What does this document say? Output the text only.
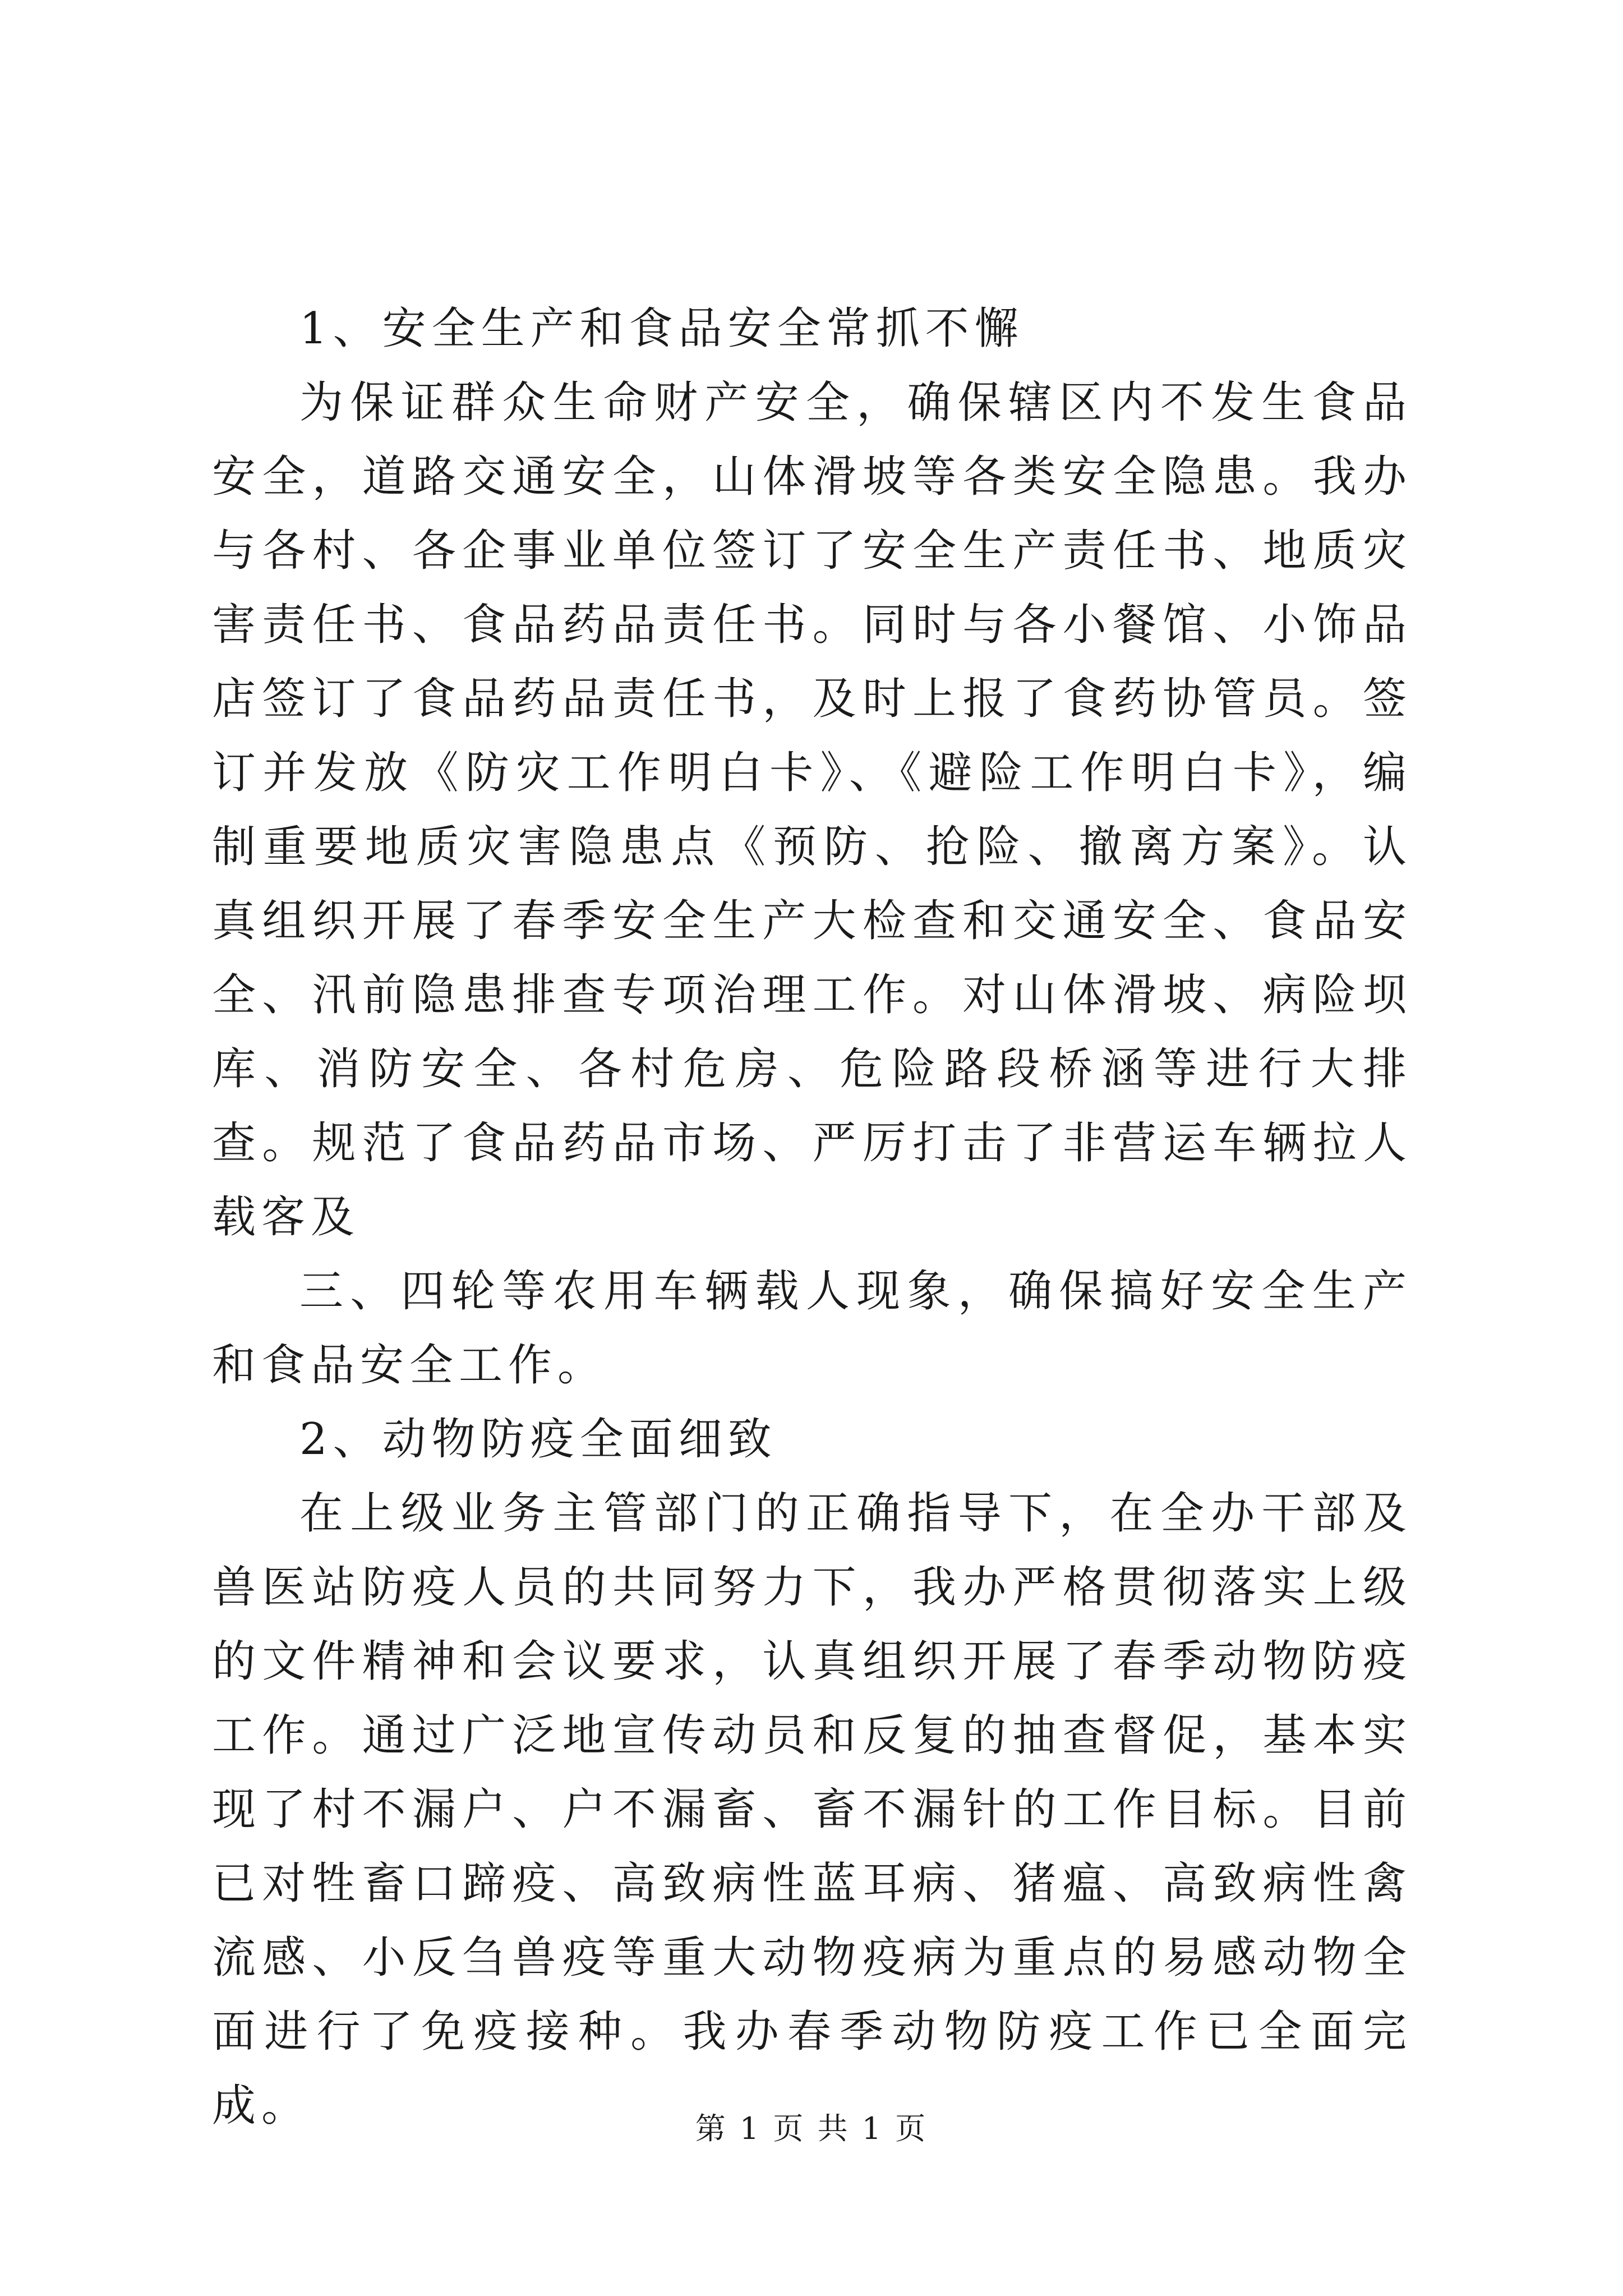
1、安全生产和食品安全常抓不懈

为保证群众生命财产安全，确保辖区内不发生食品安全，道路交通安全，山体滑坡等各类安全隐患。我办与各村、各企事业单位签订了安全生产责任书、地质灾害责任书、食品药品责任书。同时与各小餐馆、小饰品店签订了食品药品责任书，及时上报了食药协管员。签订并发放《防灾工作明白卡》、《避险工作明白卡》，编制重要地质灾害隐患点《预防、抢险、撤离方案》。认真组织开展了春季安全生产大检查和交通安全、食品安全、汛前隐患排查专项治理工作。对山体滑坡、病险坝库、消防安全、各村危房、危险路段桥涵等进行大排查。规范了食品药品市场、严厉打击了非营运车辆拉人载客及

三、四轮等农用车辆载人现象，确保搞好安全生产和食品安全工作。

2、动物防疫全面细致

在上级业务主管部门的正确指导下，在全办干部及兽医站防疫人员的共同努力下，我办严格贯彻落实上级的文件精神和会议要求，认真组织开展了春季动物防疫工作。通过广泛地宣传动员和反复的抽查督促，基本实现了村不漏户、户不漏畜、畜不漏针的工作目标。目前已对牲畜口蹄疫、高致病性蓝耳病、猪瘟、高致病性禽流感、小反刍兽疫等重大动物疫病为重点的易感动物全面进行了免疫接种。我办春季动物防疫工作已全面完成。	第 1 页 共 1 页
